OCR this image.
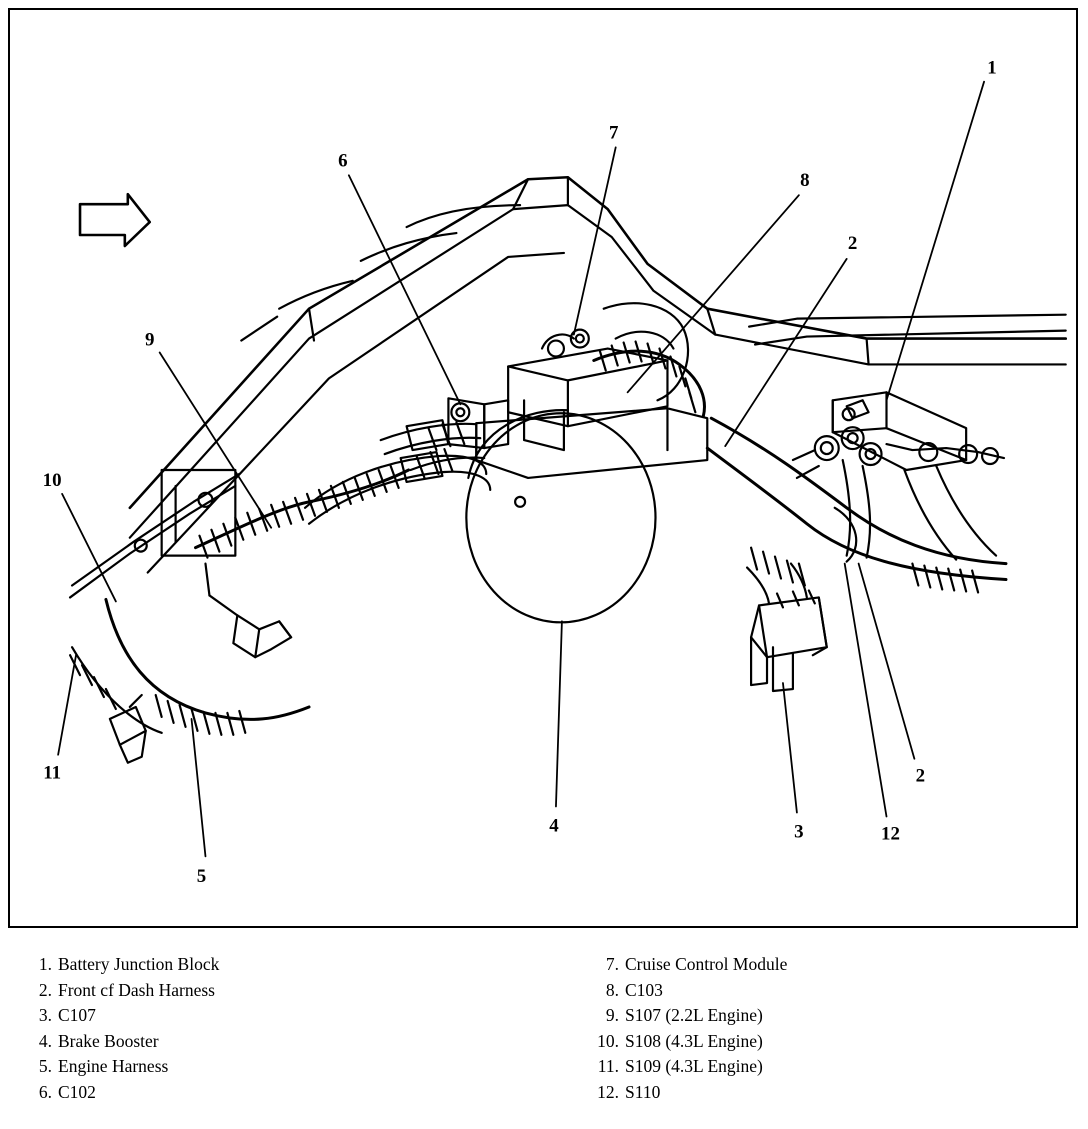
1
2
2
3
4
5
6
7
8
9
10
11
12
1. Battery Junction Block
2. Front cf Dash Harness
3. C107
4. Brake Booster
5. Engine Harness
6. C102
7. Cruise Control Module
8. C103
9. S107 (2.2L Engine)
10. S108 (4.3L Engine)
11. S109 (4.3L Engine)
12. S110
